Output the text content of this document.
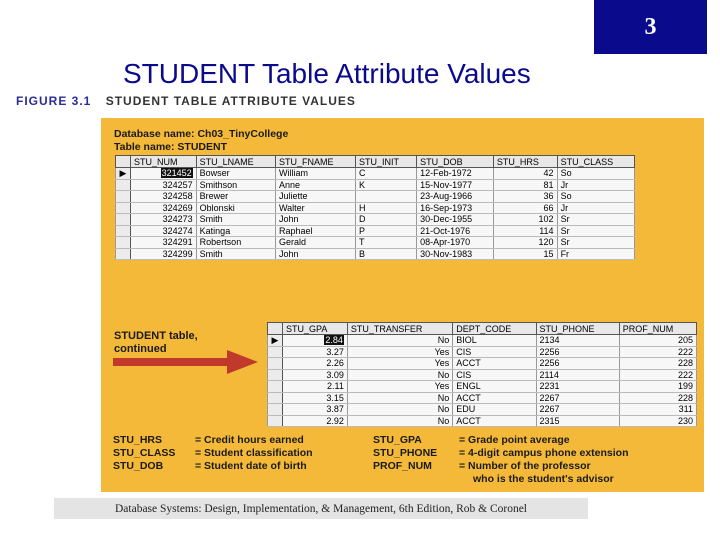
3
STUDENT Table Attribute Values
FIGURE 3.1 STUDENT TABLE ATTRIBUTE VALUES
Database name: Ch03_TinyCollege
Table name: STUDENT
	STU_NUM	STU_LNAME	STU_FNAME	STU_INIT	STU_DOB	STU_HRS	STU_CLASS
▶	321452	Bowser	William	C	12-Feb-1972	42	So
	324257	Smithson	Anne	K	15-Nov-1977	81	Jr
	324258	Brewer	Juliette		23-Aug-1966	36	So
	324269	Oblonski	Walter	H	16-Sep-1973	66	Jr
	324273	Smith	John	D	30-Dec-1955	102	Sr
	324274	Katinga	Raphael	P	21-Oct-1976	114	Sr
	324291	Robertson	Gerald	T	08-Apr-1970	120	Sr
	324299	Smith	John	B	30-Nov-1983	15	Fr
STUDENT table,
continued
	STU_GPA	STU_TRANSFER	DEPT_CODE	STU_PHONE	PROF_NUM
▶	2.84	No	BIOL	2134	205
	3.27	Yes	CIS	2256	222
	2.26	Yes	ACCT	2256	228
	3.09	No	CIS	2114	222
	2.11	Yes	ENGL	2231	199
	3.15	No	ACCT	2267	228
	3.87	No	EDU	2267	311
	2.92	No	ACCT	2315	230
STU_HRS	= Credit hours earned
STU_CLASS	= Student classification
STU_DOB	= Student date of birth
STU_GPA	= Grade point average
STU_PHONE	= 4-digit campus phone extension
PROF_NUM	= Number of the professor
who is the student's advisor
Database Systems: Design, Implementation, & Management, 6th Edition, Rob & Coronel
